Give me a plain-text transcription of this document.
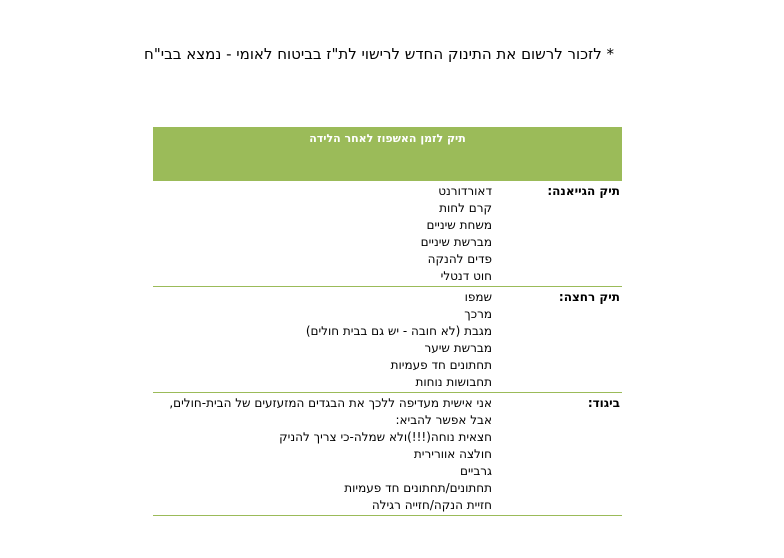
* לזכור לרשום את התינוק החדש לרישוי לת"ז בביטוח לאומי - נמצא בבי"ח
תיק לזמן האשפוז לאחר הלידה
תיק הגייאנה:
דאורדורנט
קרם לחות
משחת שיניים
מברשת שיניים
פדים להנקה
חוט דנטלי
תיק רחצה:
שמפו
מרכך
מגבת (לא חובה - יש גם בבית חולים)
מברשת שיער
תחתונים חד פעמיות
תחבושות נוחות
ביגוד:
אני אישית מעדיפה ללכך את הבגדים המזעזעים של הבית-חולים,
אבל אפשר להביא:
חצאית נוחה(!!!)ולא שמלה-כי צריך להניק
חולצה אוורירית
גרביים
תחתונים/תחתונים חד פעמיות
חזיית הנקה/חזייה רגילה
